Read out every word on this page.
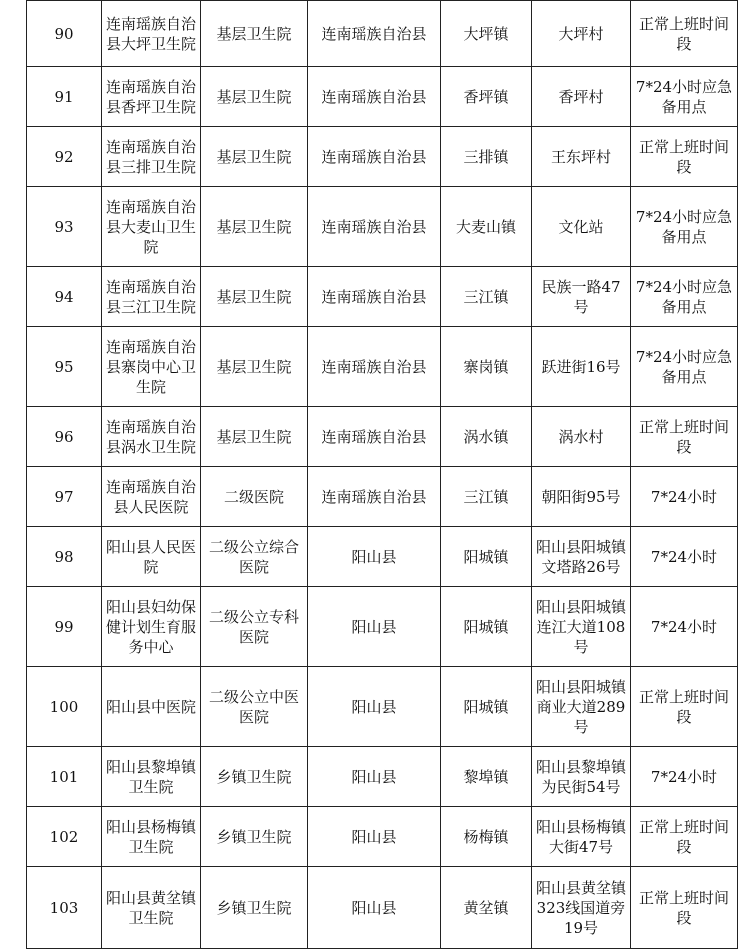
90	连南瑶族自治县大坪卫生院	基层卫生院	连南瑶族自治县	大坪镇	大坪村	正常上班时间段
91	连南瑶族自治县香坪卫生院	基层卫生院	连南瑶族自治县	香坪镇	香坪村	7*24小时应急备用点
92	连南瑶族自治县三排卫生院	基层卫生院	连南瑶族自治县	三排镇	王东坪村	正常上班时间段
93	连南瑶族自治县大麦山卫生院	基层卫生院	连南瑶族自治县	大麦山镇	文化站	7*24小时应急备用点
94	连南瑶族自治县三江卫生院	基层卫生院	连南瑶族自治县	三江镇	民族一路47号	7*24小时应急备用点
95	连南瑶族自治县寨岗中心卫生院	基层卫生院	连南瑶族自治县	寨岗镇	跃进街16号	7*24小时应急备用点
96	连南瑶族自治县涡水卫生院	基层卫生院	连南瑶族自治县	涡水镇	涡水村	正常上班时间段
97	连南瑶族自治县人民医院	二级医院	连南瑶族自治县	三江镇	朝阳街95号	7*24小时
98	阳山县人民医院	二级公立综合医院	阳山县	阳城镇	阳山县阳城镇文塔路26号	7*24小时
99	阳山县妇幼保健计划生育服务中心	二级公立专科医院	阳山县	阳城镇	阳山县阳城镇连江大道108号	7*24小时
100	阳山县中医院	二级公立中医医院	阳山县	阳城镇	阳山县阳城镇商业大道289号	正常上班时间段
101	阳山县黎埠镇卫生院	乡镇卫生院	阳山县	黎埠镇	阳山县黎埠镇为民街54号	7*24小时
102	阳山县杨梅镇卫生院	乡镇卫生院	阳山县	杨梅镇	阳山县杨梅镇大街47号	正常上班时间段
103	阳山县黄坌镇卫生院	乡镇卫生院	阳山县	黄坌镇	阳山县黄坌镇323线国道旁19号	正常上班时间段
